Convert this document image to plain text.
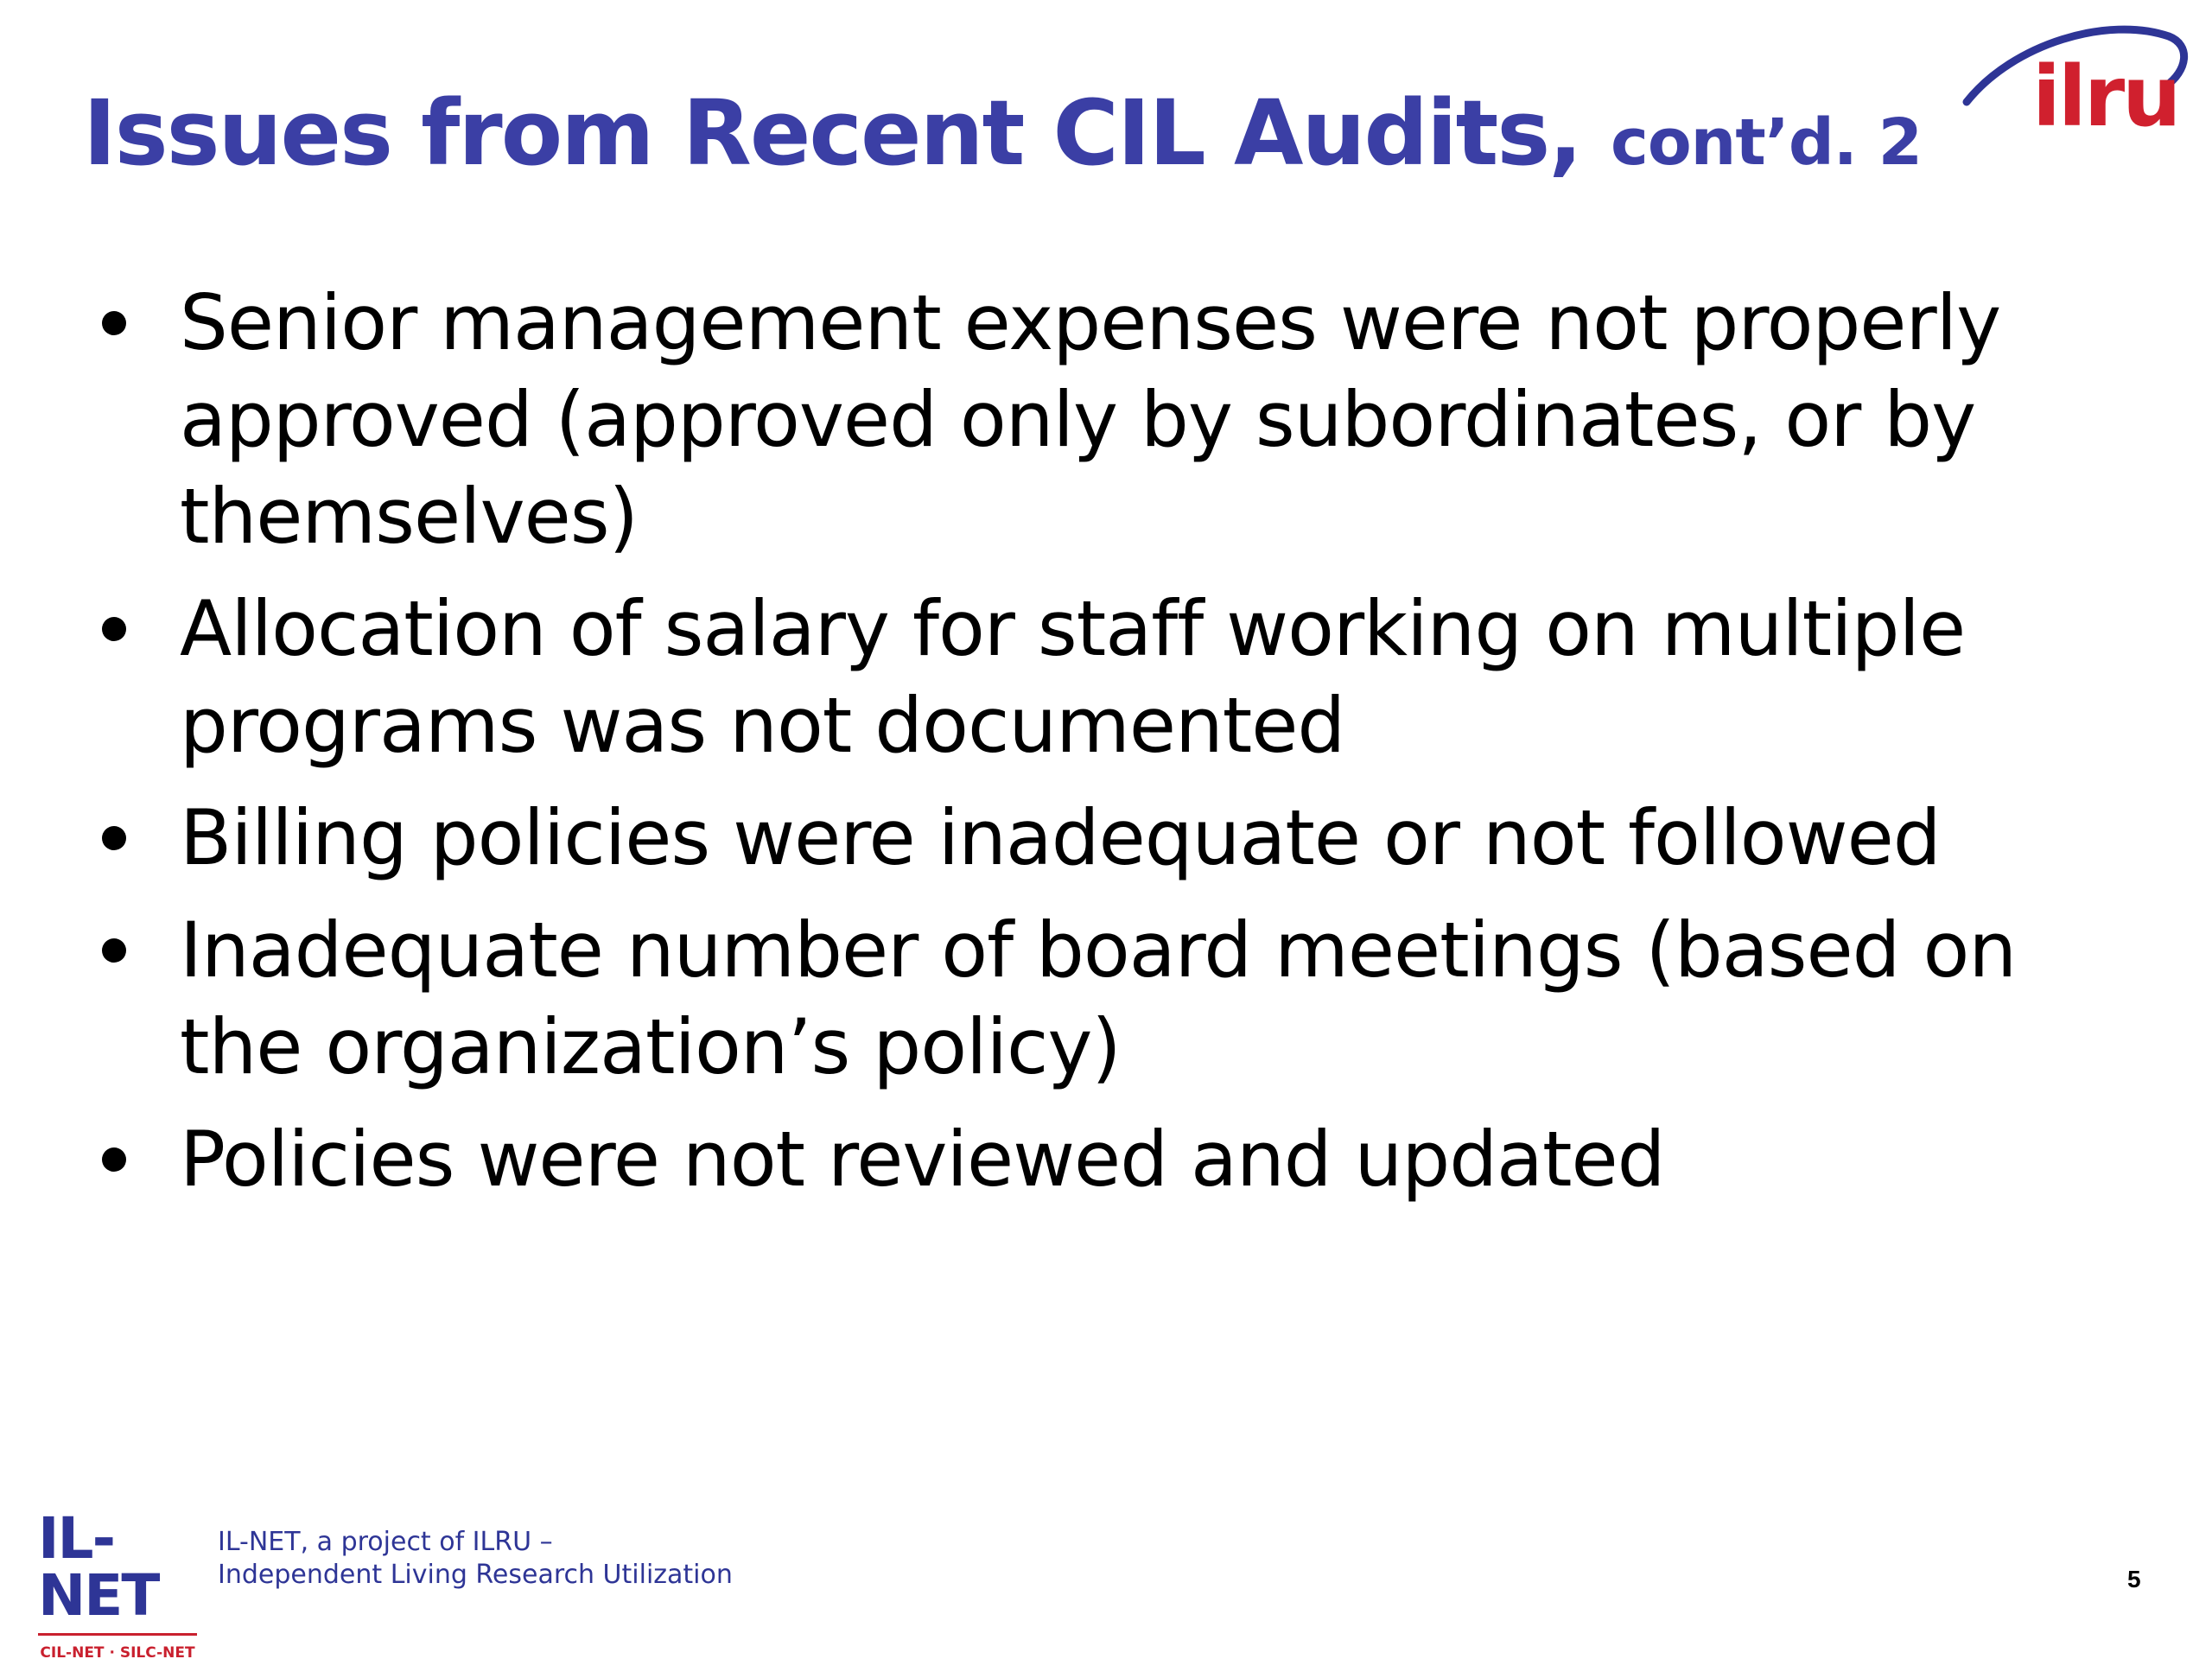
Issues from Recent CIL Audits, cont’d. 2 ilru
Senior management expenses were not properly approved (approved only by subordinates, or by themselves)
Allocation of salary for staff working on multiple programs was not documented
Billing policies were inadequate or not followed
Inadequate number of board meetings (based on the organization’s policy)
Policies were not reviewed and updated
IL-NET
CIL-NET · SILC-NET
IL-NET, a project of ILRU –
Independent Living Research Utilization	5
